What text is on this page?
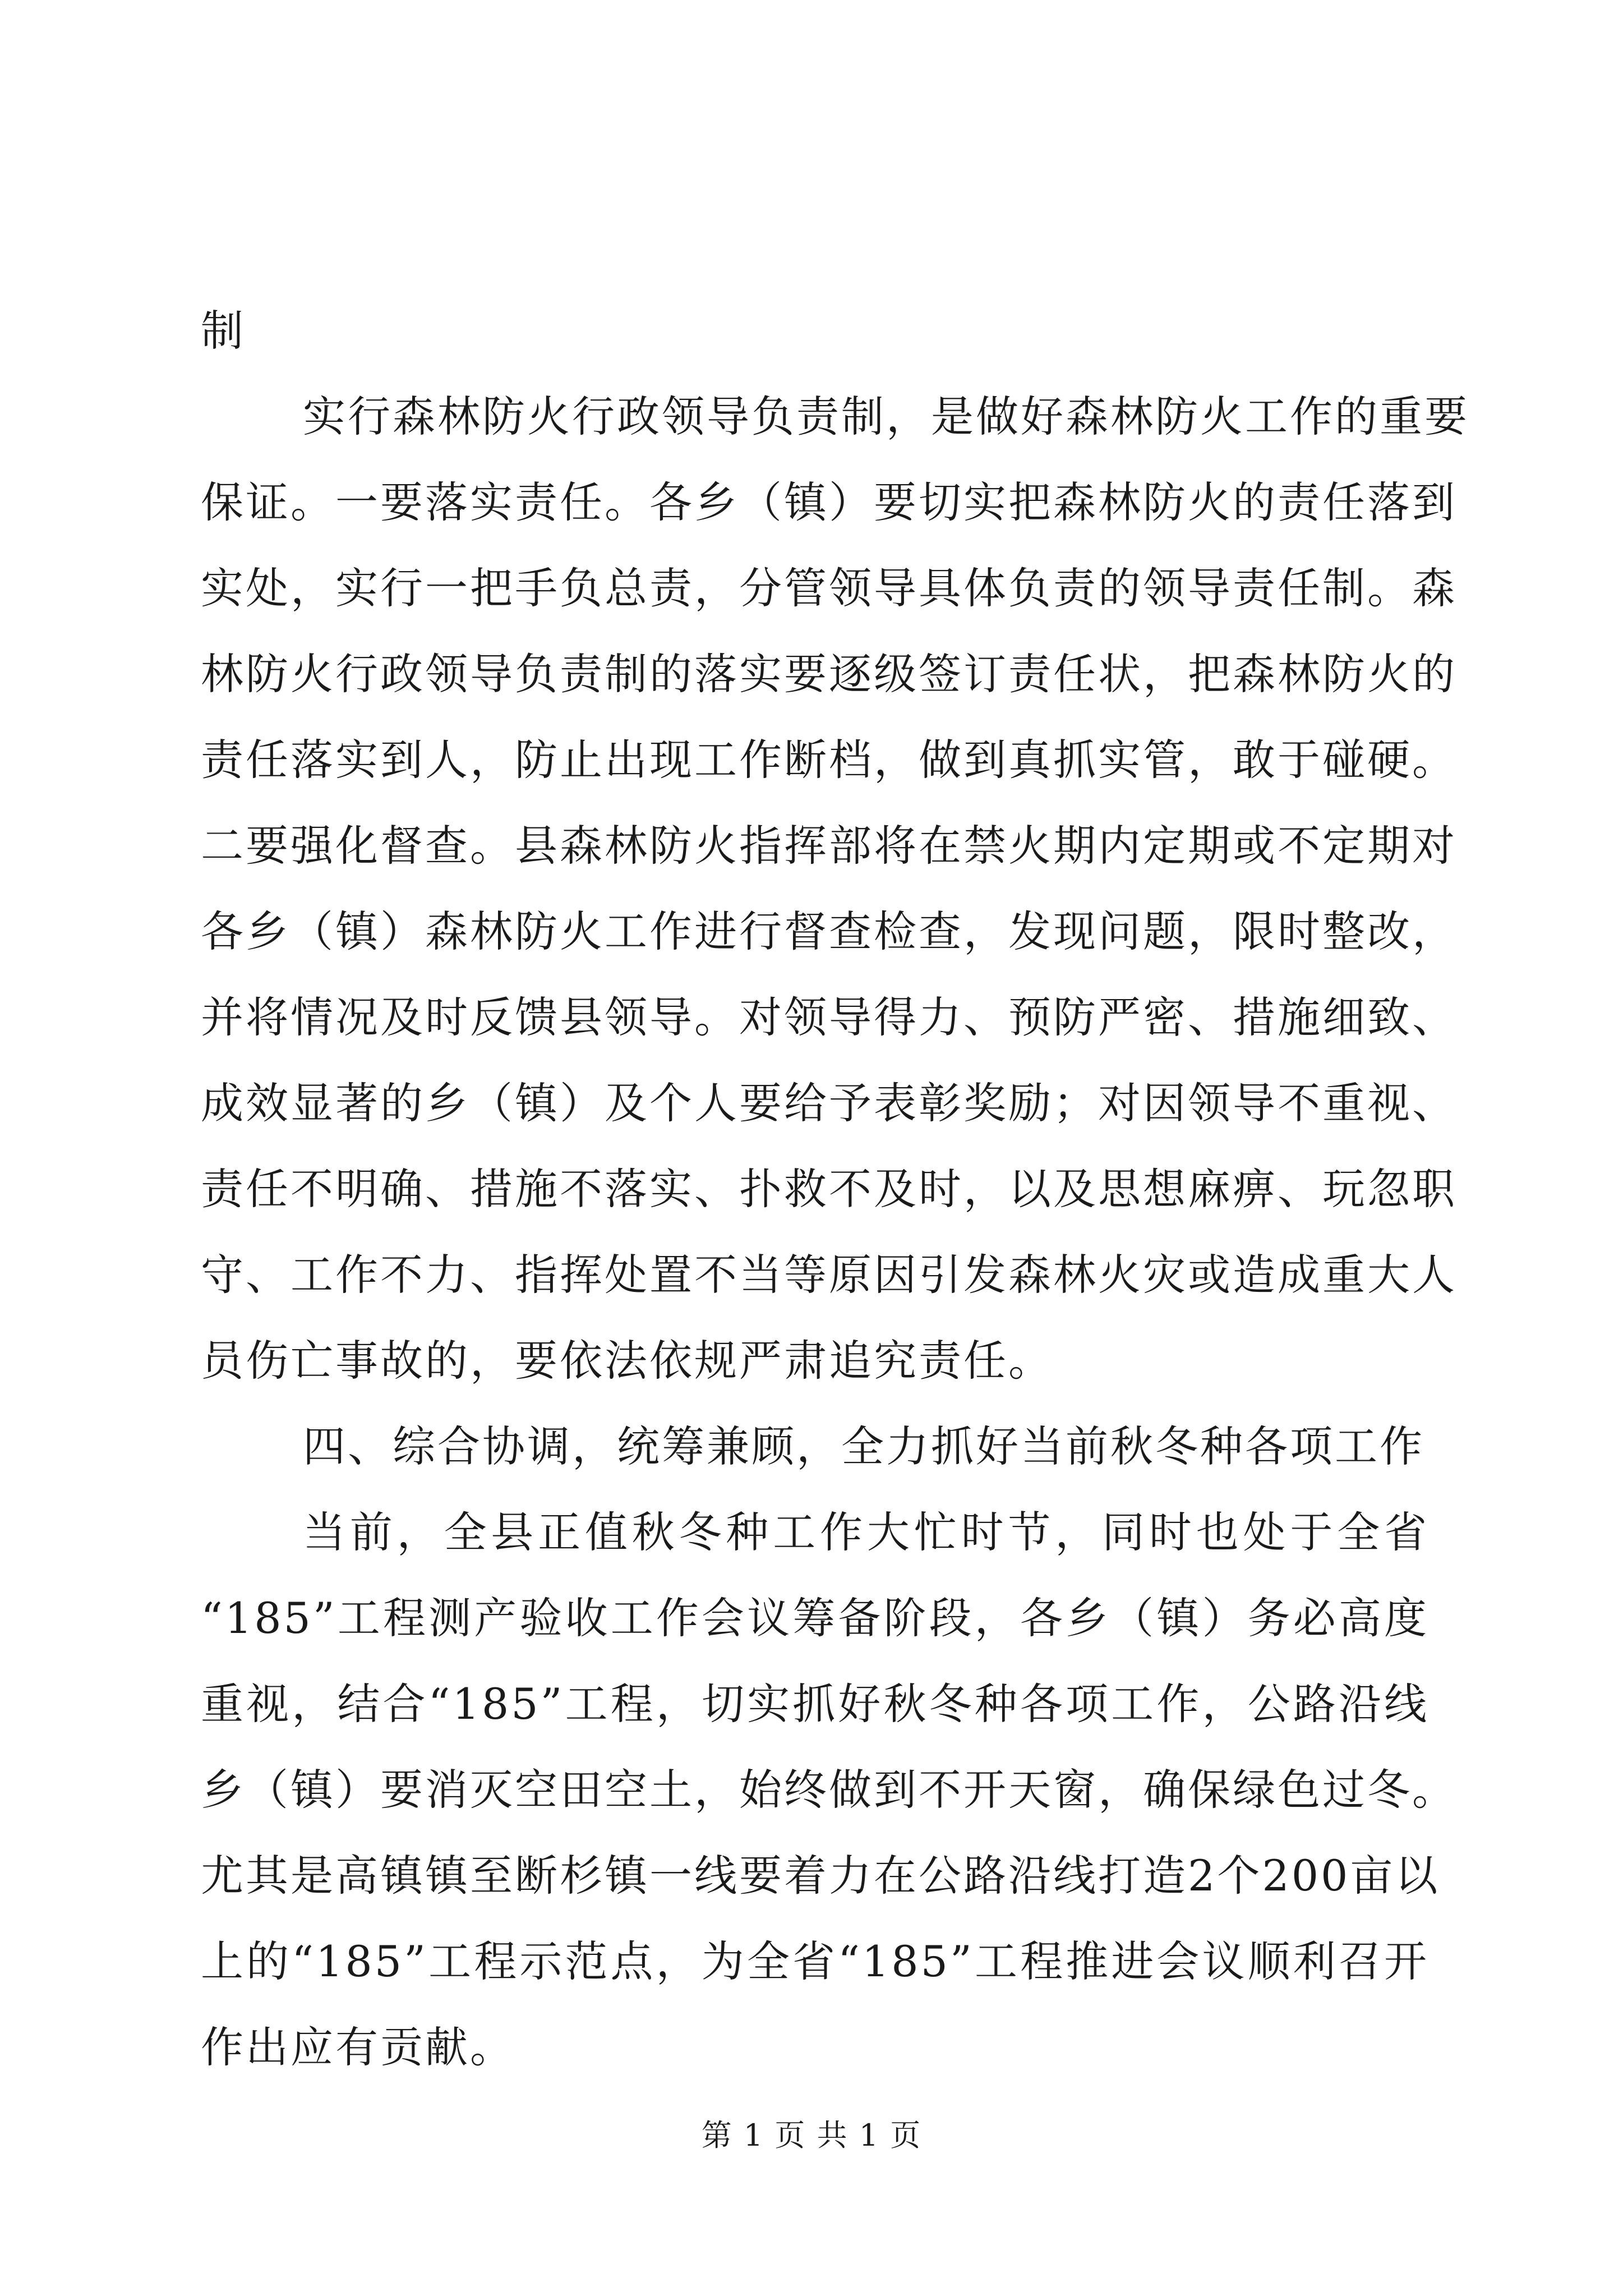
制
实行森林防火行政领导负责制，是做好森林防火工作的重要
保证。一要落实责任。各乡（镇）要切实把森林防火的责任落到
实处，实行一把手负总责，分管领导具体负责的领导责任制。森
林防火行政领导负责制的落实要逐级签订责任状，把森林防火的
责任落实到人，防止出现工作断档，做到真抓实管，敢于碰硬。
二要强化督查。县森林防火指挥部将在禁火期内定期或不定期对
各乡（镇）森林防火工作进行督查检查，发现问题，限时整改，
并将情况及时反馈县领导。对领导得力、预防严密、措施细致、
成效显著的乡（镇）及个人要给予表彰奖励；对因领导不重视、
责任不明确、措施不落实、扑救不及时，以及思想麻痹、玩忽职
守、工作不力、指挥处置不当等原因引发森林火灾或造成重大人
员伤亡事故的，要依法依规严肃追究责任。
四、综合协调，统筹兼顾，全力抓好当前秋冬种各项工作
当前，全县正值秋冬种工作大忙时节，同时也处于全省
“185”工程测产验收工作会议筹备阶段，各乡（镇）务必高度
重视，结合“185”工程，切实抓好秋冬种各项工作，公路沿线
乡（镇）要消灭空田空土，始终做到不开天窗，确保绿色过冬。
尤其是高镇镇至断杉镇一线要着力在公路沿线打造2个200亩以
上的“185”工程示范点，为全省“185”工程推进会议顺利召开
作出应有贡献。
第 1 页 共 1 页
